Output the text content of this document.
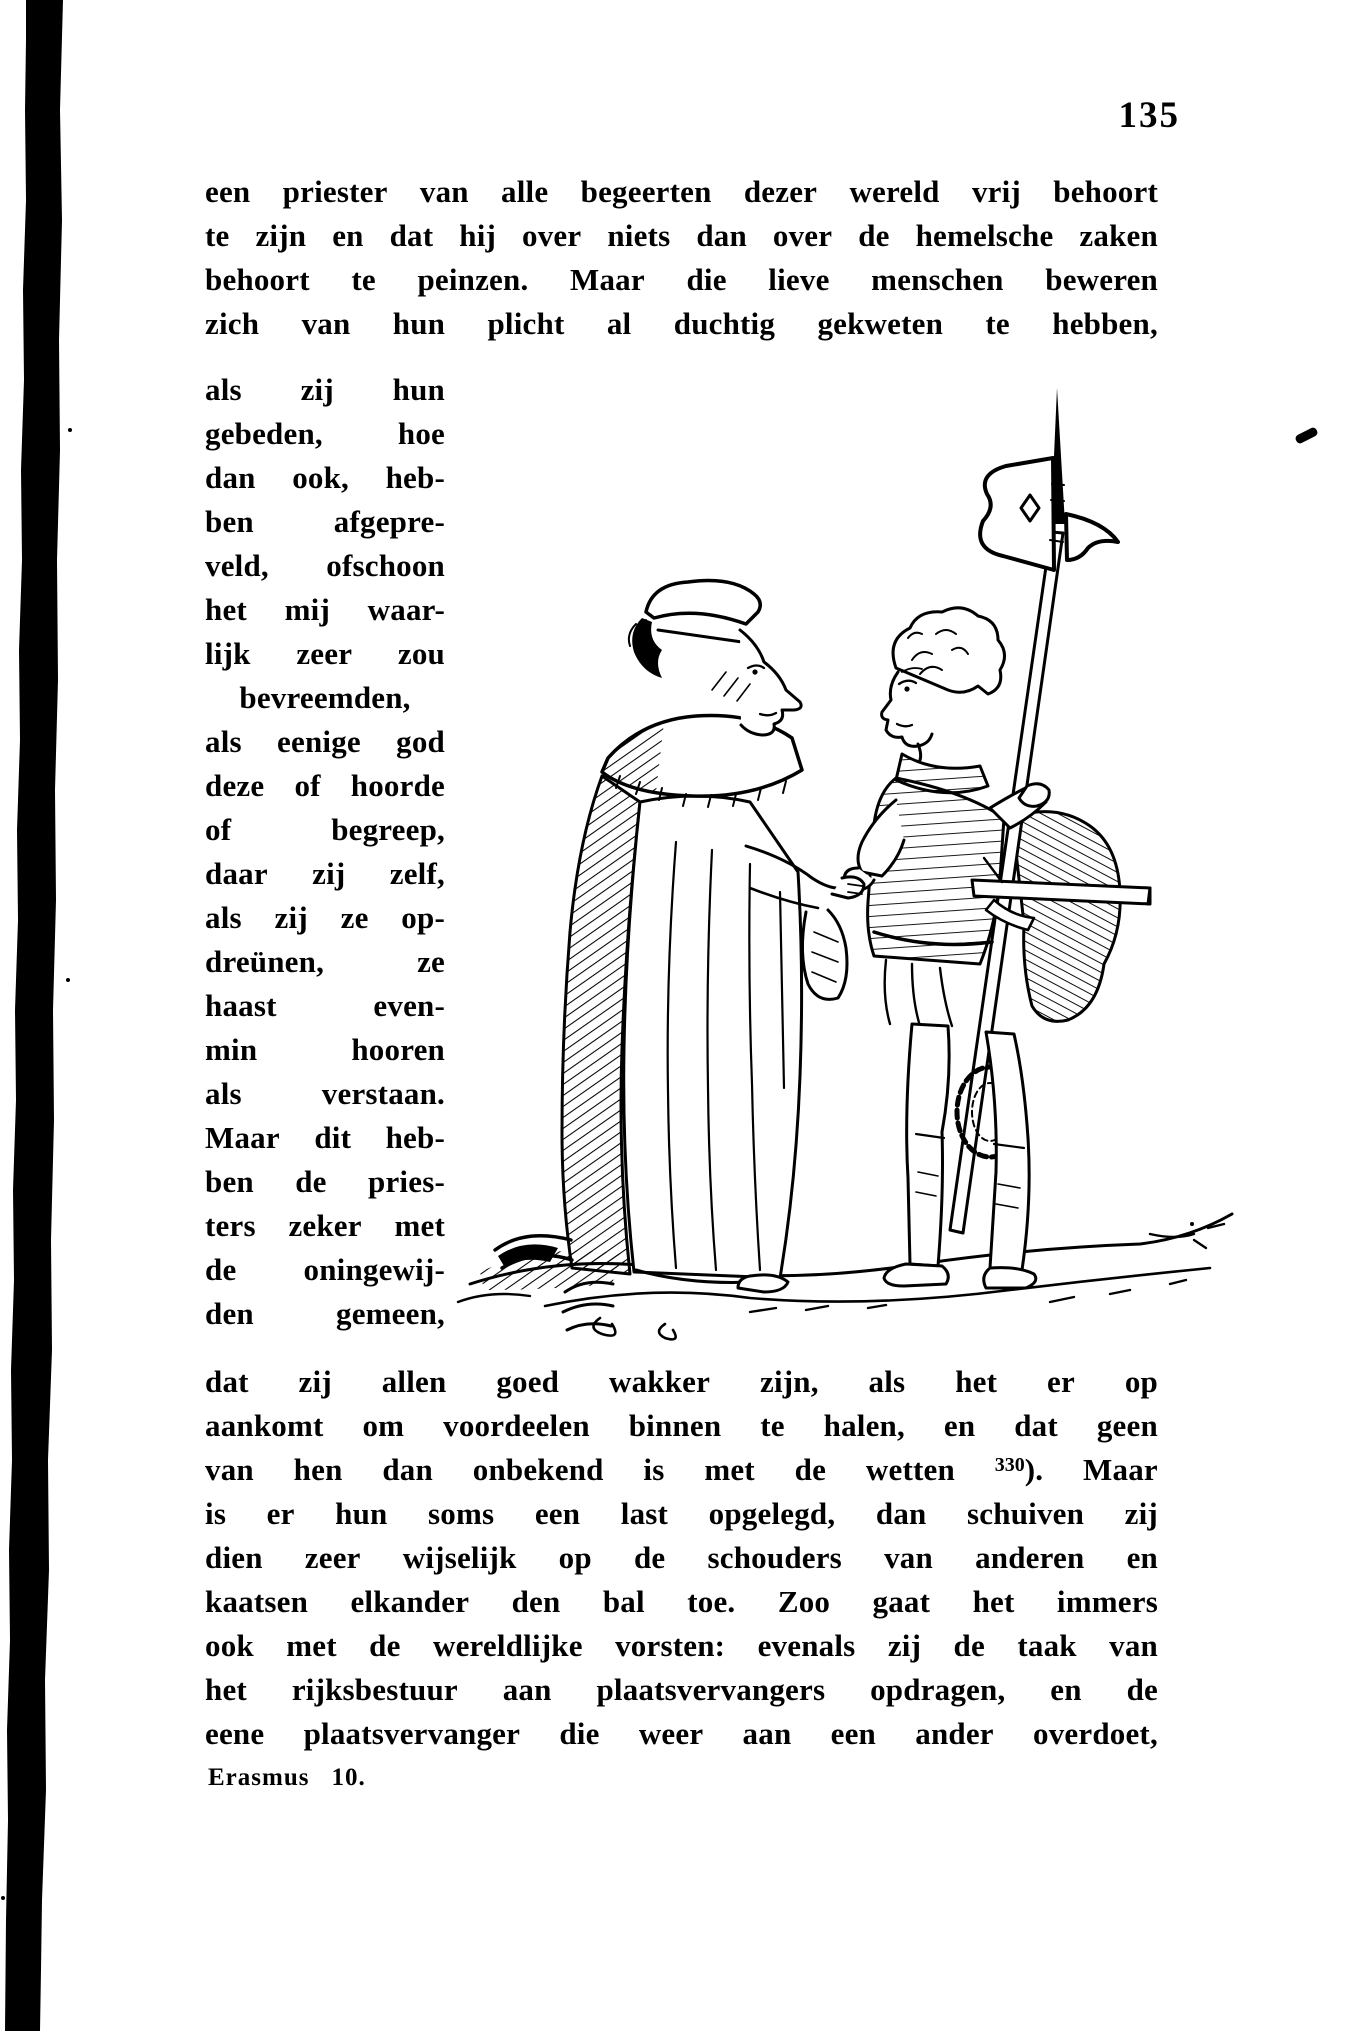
135
een priester van alle begeerten dezer wereld vrij behoort
te zijn en dat hij over niets dan over de hemelsche zaken
behoort te peinzen. Maar die lieve menschen beweren
zich van hun plicht al duchtig gekweten te hebben,
als zij hun
gebeden, hoe
dan ook, heb-
ben	afgepre-
veld, ofschoon
het mij waar-
lijk zeer zou
bevreemden,
als eenige god
deze of hoorde
of	begreep,
daar zij zelf,
als zij ze op-
dreünen,	ze
haast	even-
min	hooren
als	verstaan.
Maar dit heb-
ben de pries-
ters zeker met
de oningewij-
den	gemeen,
dat zij allen goed wakker zijn, als het er op
aankomt om voordeelen binnen te halen, en dat geen
van hen dan onbekend is met de wetten $^{330}$). Maar
is er hun soms een last opgelegd, dan schuiven zij
dien zeer wijselijk op de schouders van anderen en
kaatsen elkander den bal toe. Zoo gaat het immers
ook met de wereldlijke vorsten: evenals zij de taak van
het rijksbestuur aan plaatsvervangers opdragen, en de
eene plaatsvervanger die weer aan een ander overdoet,
Erasmus 10.
